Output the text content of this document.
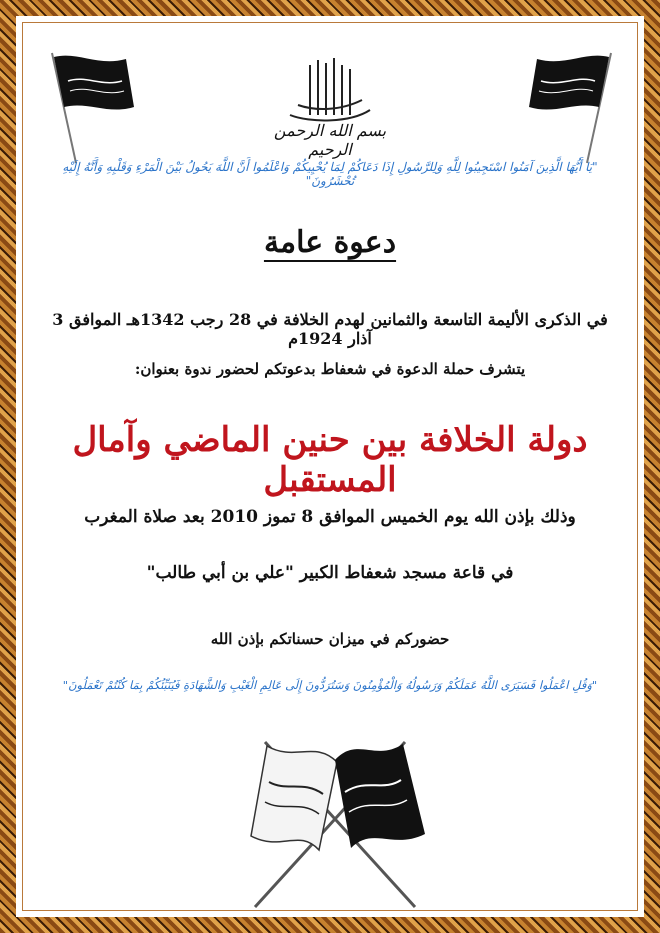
بسم الله الرحمن الرحيم
"يَا أَيُّهَا الَّذِينَ آمَنُوا اسْتَجِيبُوا لِلَّهِ وَلِلرَّسُولِ إِذَا دَعَاكُمْ لِمَا يُحْيِيكُمْ وَاعْلَمُوا أَنَّ اللَّهَ يَحُولُ بَيْنَ الْمَرْءِ وَقَلْبِهِ وَأَنَّهُ إِلَيْهِ تُحْشَرُونَ"
دعوة عامة
في الذكرى الأليمة التاسعة والثمانين لهدم الخلافة في 28 رجب 1342هـ الموافق 3 آذار 1924م
يتشرف حملة الدعوة في شعفاط بدعوتكم لحضور ندوة بعنوان:
دولة الخلافة بين حنين الماضي وآمال المستقبل
وذلك بإذن الله يوم الخميس الموافق 8 تموز 2010 بعد صلاة المغرب
في قاعة مسجد شعفاط الكبير "علي بن أبي طالب"
حضوركم في ميزان حسناتكم بإذن الله
"وَقُلِ اعْمَلُوا فَسَيَرَى اللَّهُ عَمَلَكُمْ وَرَسُولُهُ وَالْمُؤْمِنُونَ وَسَتُرَدُّونَ إِلَى عَالِمِ الْغَيْبِ وَالشَّهَادَةِ فَيُنَبِّئُكُمْ بِمَا كُنْتُمْ تَعْمَلُونَ"
